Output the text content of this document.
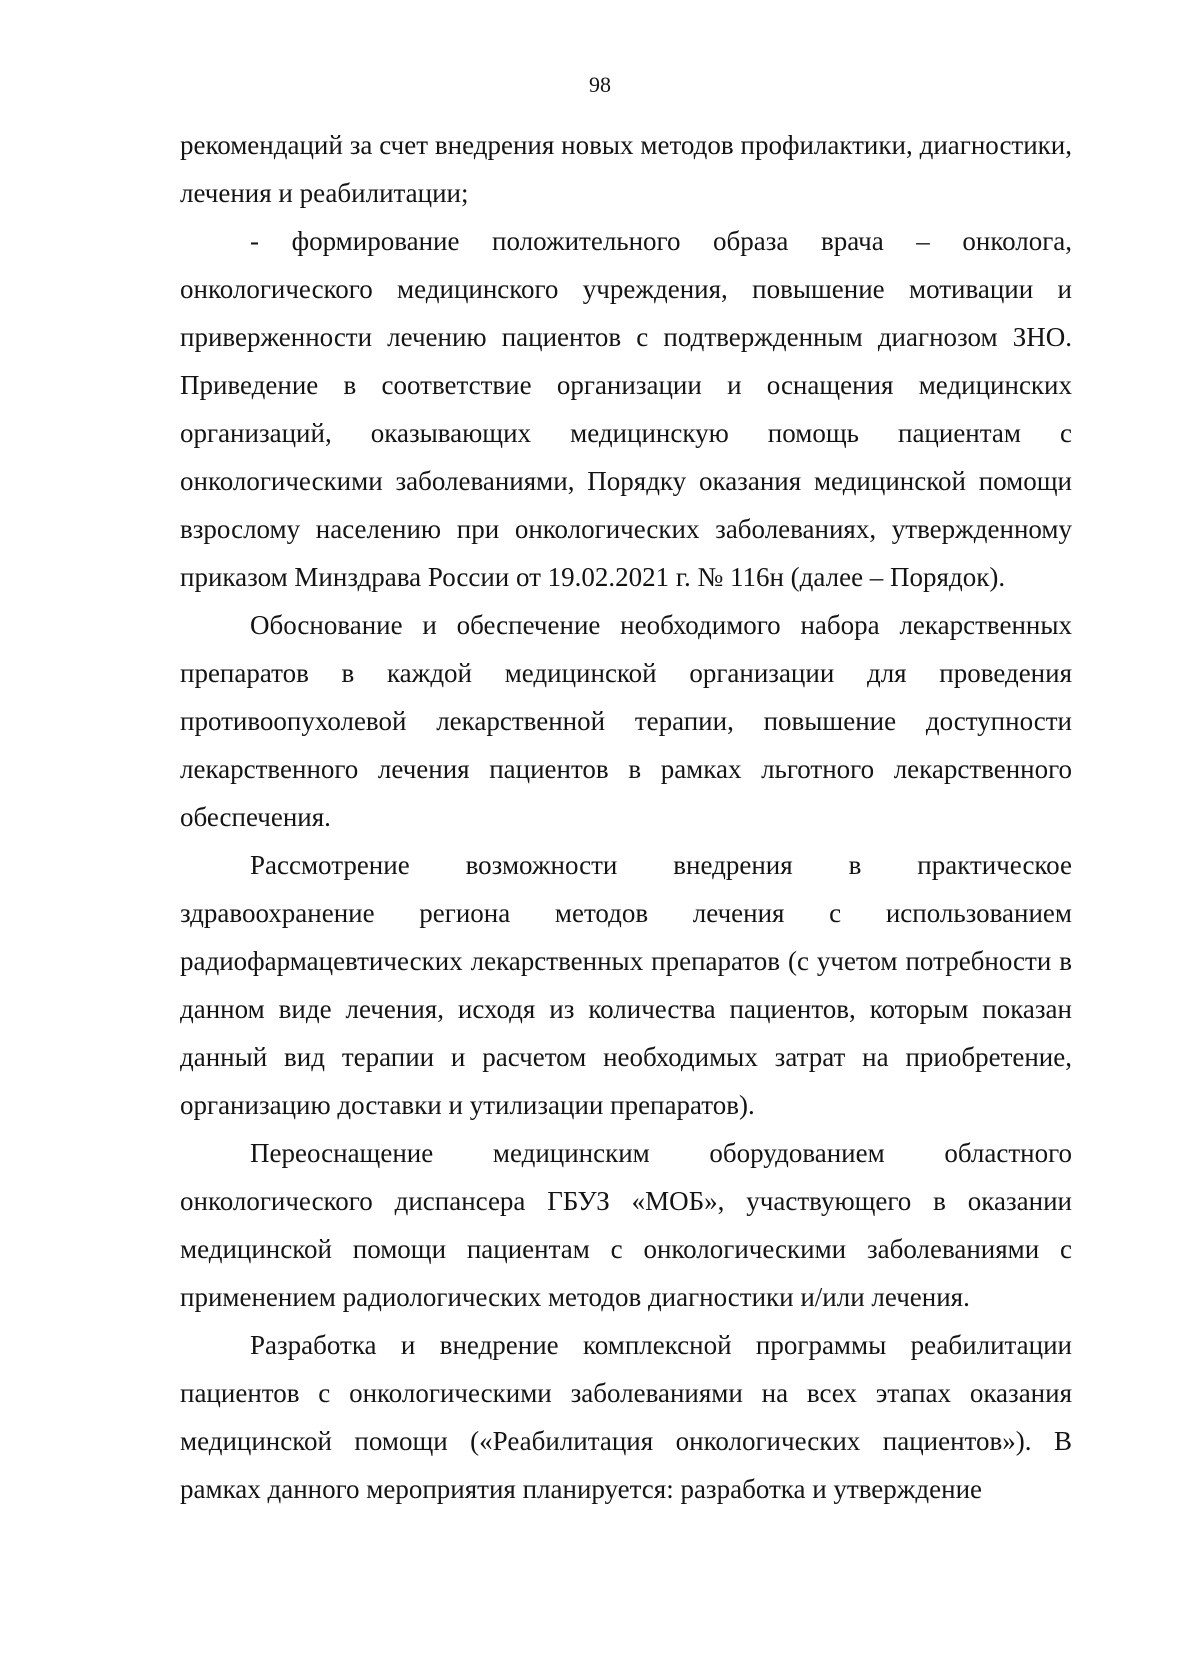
98

рекомендаций за счет внедрения новых методов профилактики, диагностики, лечения и реабилитации;

- формирование положительного образа врача – онколога, онкологического медицинского учреждения, повышение мотивации и приверженности лечению пациентов с подтвержденным диагнозом ЗНО. Приведение в соответствие организации и оснащения медицинских организаций, оказывающих медицинскую помощь пациентам с онкологическими заболеваниями, Порядку оказания медицинской помощи взрослому населению при онкологических заболеваниях, утвержденному приказом Минздрава России от 19.02.2021 г. № 116н (далее – Порядок).

Обоснование и обеспечение необходимого набора лекарственных препаратов в каждой медицинской организации для проведения противоопухолевой лекарственной терапии, повышение доступности лекарственного лечения пациентов в рамках льготного лекарственного обеспечения.

Рассмотрение возможности внедрения в практическое здравоохранение региона методов лечения с использованием радиофармацевтических лекарственных препаратов (с учетом потребности в данном виде лечения, исходя из количества пациентов, которым показан данный вид терапии и расчетом необходимых затрат на приобретение, организацию доставки и утилизации препаратов).

Переоснащение медицинским оборудованием областного онкологического диспансера ГБУЗ «МОБ», участвующего в оказании медицинской помощи пациентам с онкологическими заболеваниями с применением радиологических методов диагностики и/или лечения.

Разработка и внедрение комплексной программы реабилитации пациентов с онкологическими заболеваниями на всех этапах оказания медицинской помощи («Реабилитация онкологических пациентов»). В рамках данного мероприятия планируется: разработка и утверждение
